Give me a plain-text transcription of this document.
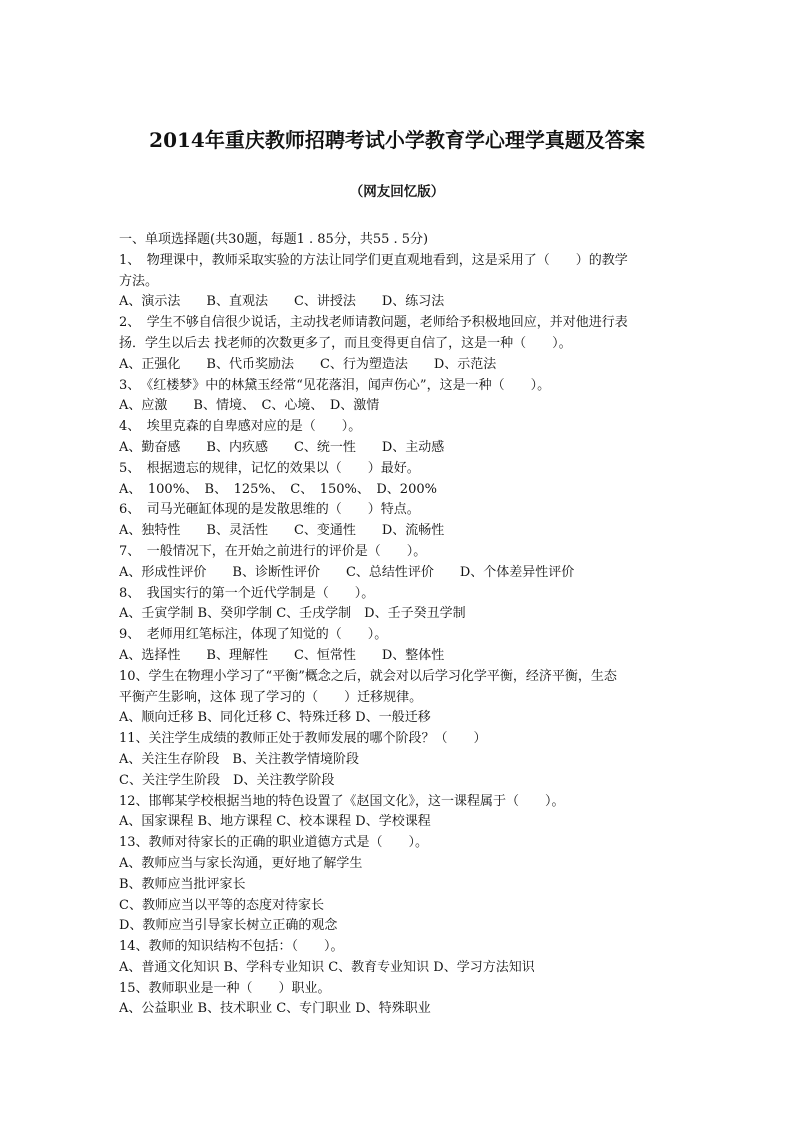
2014年重庆教师招聘考试小学教育学心理学真题及答案
（网友回忆版）
一、单项选择题(共30题，每题1 . 85分，共55 . 5分)
1、　物理课中，教师采取实验的方法让同学们更直观地看到，这是采用了（　　）的教学
方法。
A、演示法　　B、直观法　　C、讲授法　　D、练习法
2、　学生不够自信很少说话，主动找老师请教问题，老师给予积极地回应，并对他进行表
扬．学生以后去 找老师的次数更多了，而且变得更自信了，这是一种（　　）。
A、正强化　　B、代币奖励法　　C、行为塑造法　　D、示范法
3、　《红楼梦》中的林黛玉经常“见花落泪，闻声伤心”，这是一种（　　）。
A、应激　　B、情境、　C、心境、　D、激情
4、　埃里克森的自卑感对应的是（　　）。
A、勤奋感　　B、内疚感　　C、统一性　　D、主动感
5、　根据遗忘的规律，记忆的效果以（　　）最好。
A、　100%、　B、　125%、　C、　150%、　D、200%
6、　司马光砸缸体现的是发散思维的（　　）特点。
A、独特性　　B、灵活性　　C、变通性　　D、流畅性
7、　一般情况下，在开始之前进行的评价是（　　）。
A、形成性评价　　B、诊断性评价　　C、总结性评价　　D、个体差异性评价
8、　我国实行的第一个近代学制是（　　）。
A、壬寅学制 B、癸卯学制 C、壬戌学制　D、壬子癸丑学制
9、　老师用红笔标注，体现了知觉的（　　）。
A、选择性　　B、理解性　　C、恒常性　　D、整体性
10、学生在物理小学习了“平衡”概念之后，就会对以后学习化学平衡，经济平衡，生态
平衡产生影响，这体 现了学习的（　　）迁移规律。
A、顺向迁移 B、同化迁移 C、特殊迁移 D、一般迁移
11、关注学生成绩的教师正处于教师发展的哪个阶段？（　　）
A、关注生存阶段　B、关注教学情境阶段
C、关注学生阶段　D、关注教学阶段
12、邯郸某学校根据当地的特色设置了《赵国文化》，这一课程属于（　　）。
A、国家课程 B、地方课程 C、校本课程 D、学校课程
13、教师对待家长的正确的职业道德方式是（　　）。
A、教师应当与家长沟通，更好地了解学生
B、教师应当批评家长
C、教师应当以平等的态度对待家长
D、教师应当引导家长树立正确的观念
14、教师的知识结构不包括：（　　）。
A、普通文化知识 B、学科专业知识 C、教育专业知识 D、学习方法知识
15、教师职业是一种（　　）职业。
A、公益职业 B、技术职业 C、专门职业 D、特殊职业
